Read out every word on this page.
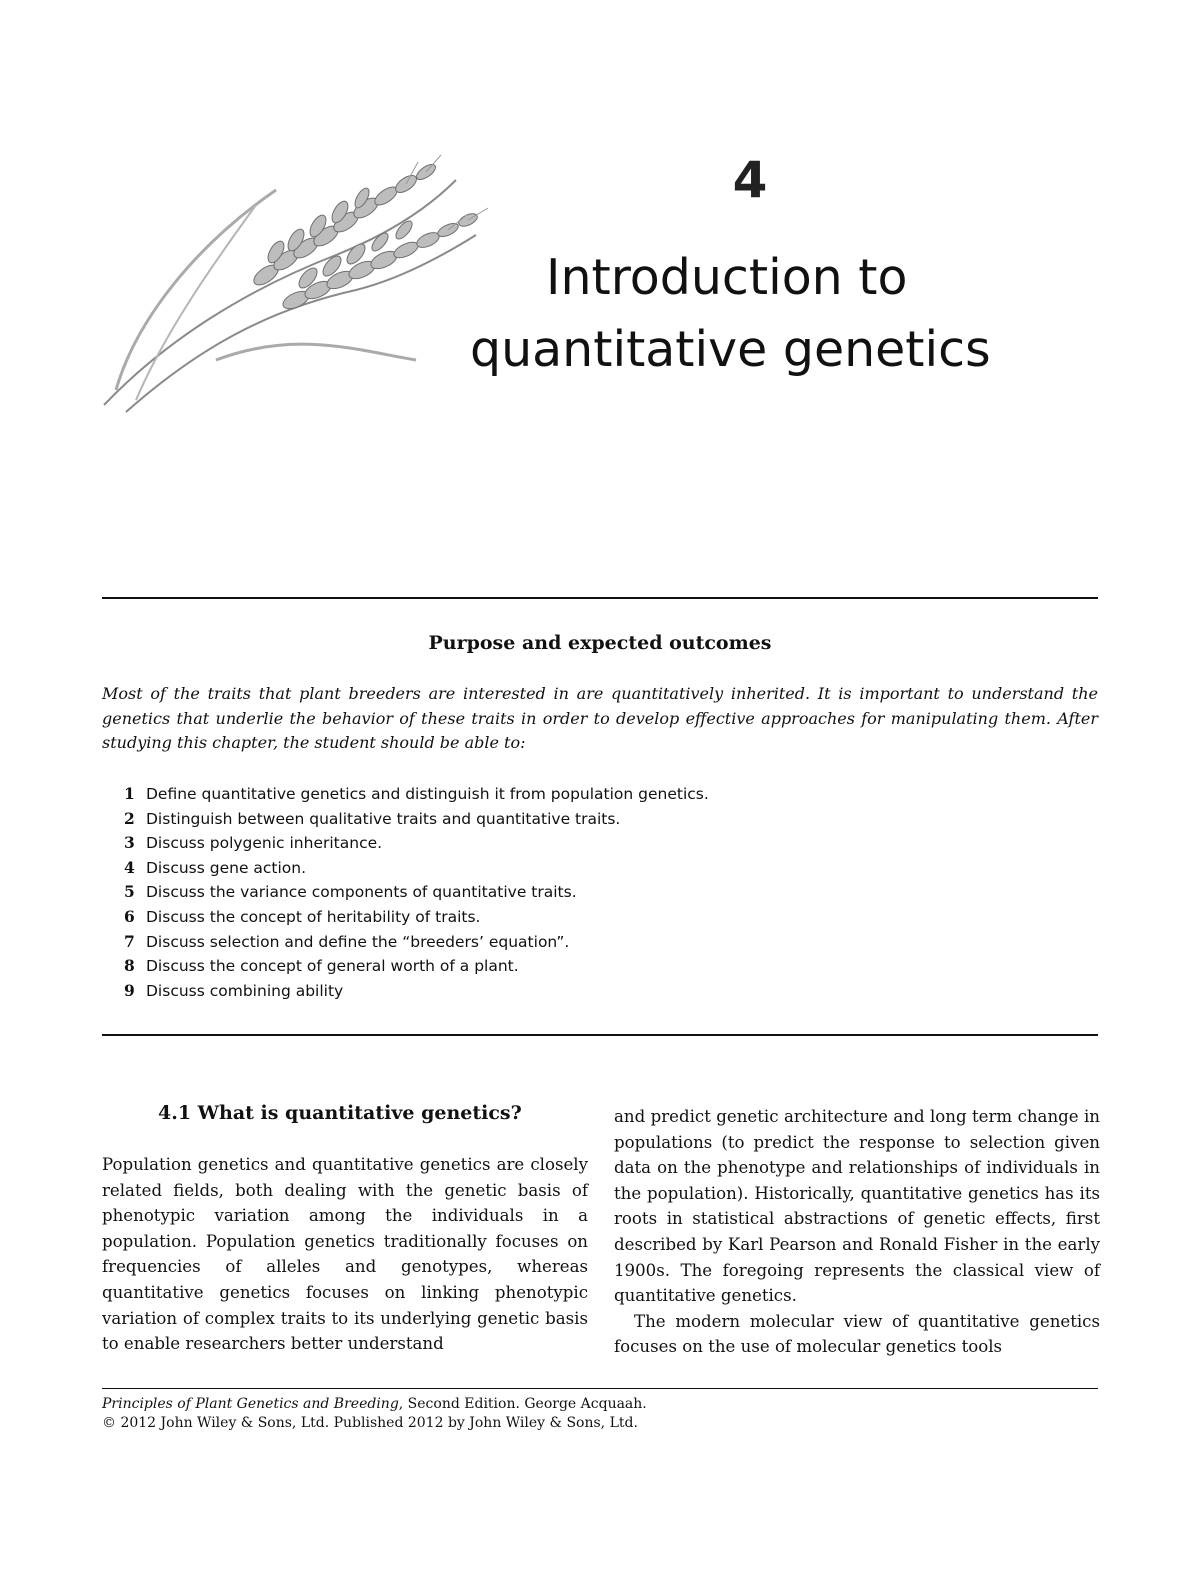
4
Introduction to
quantitative genetics
Purpose and expected outcomes

Most of the traits that plant breeders are interested in are quantitatively inherited. It is important to understand the genetics that underlie the behavior of these traits in order to develop effective approaches for manipulating them. After studying this chapter, the student should be able to:

1 Define quantitative genetics and distinguish it from population genetics.
2 Distinguish between qualitative traits and quantitative traits.
3 Discuss polygenic inheritance.
4 Discuss gene action.
5 Discuss the variance components of quantitative traits.
6 Discuss the concept of heritability of traits.
7 Discuss selection and define the “breeders’ equation”.
8 Discuss the concept of general worth of a plant.
9 Discuss combining ability
4.1 What is quantitative genetics?

Population genetics and quantitative genetics are closely related fields, both dealing with the genetic basis of phenotypic variation among the individuals in a population. Population genetics traditionally focuses on frequencies of alleles and genotypes, whereas quantitative genetics focuses on linking phenotypic variation of complex traits to its underlying genetic basis to enable researchers better understand

and predict genetic architecture and long term change in populations (to predict the response to selection given data on the phenotype and relationships of individuals in the population). Historically, quantitative genetics has its roots in statistical abstractions of genetic effects, first described by Karl Pearson and Ronald Fisher in the early 1900s. The foregoing represents the classical view of quantitative genetics.

The modern molecular view of quantitative genetics focuses on the use of molecular genetics tools

Principles of Plant Genetics and Breeding, Second Edition. George Acquaah.
© 2012 John Wiley & Sons, Ltd. Published 2012 by John Wiley & Sons, Ltd.
